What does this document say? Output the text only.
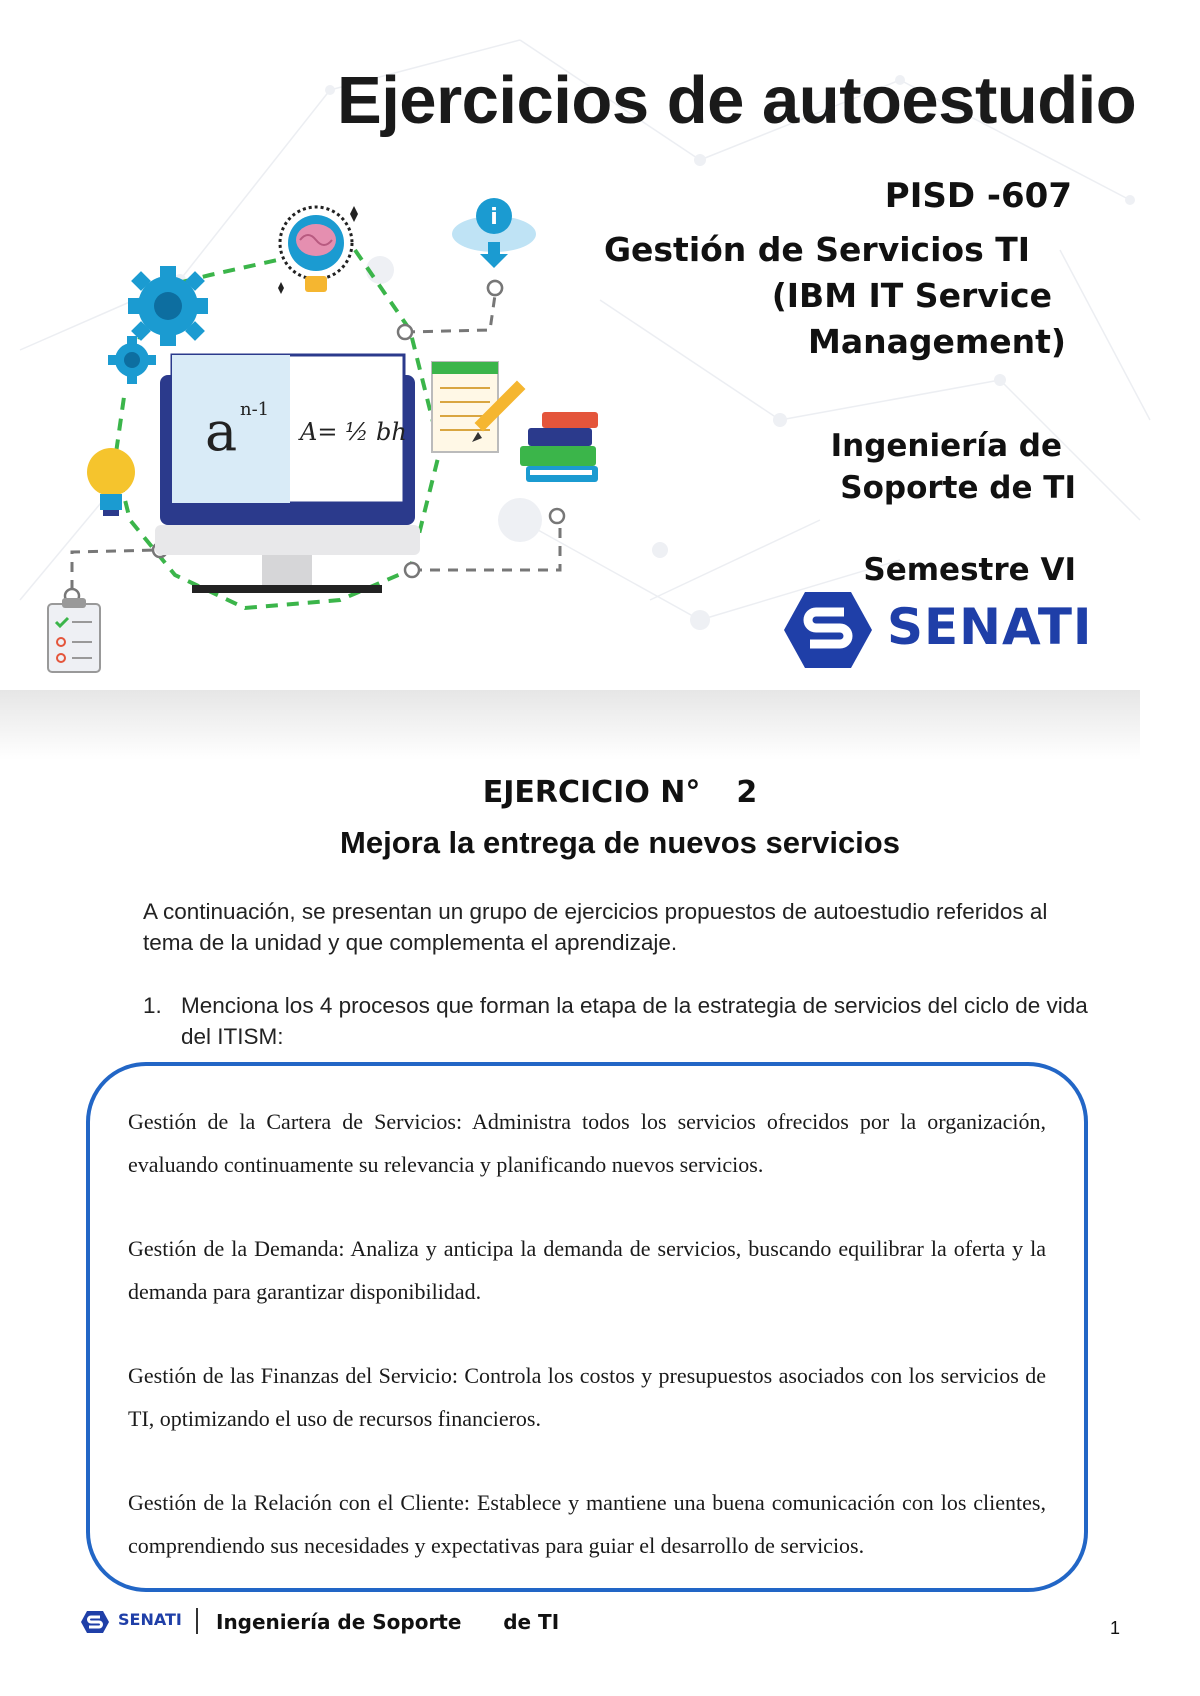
i
a n-1
A= ½ bh
Ejercicios de autoestudio
PISD -607
Gestión de Servicios TI
(IBM IT Service
Management)
Ingeniería de
Soporte de TI
Semestre VI
SENATI
EJERCICIO N° 2
Mejora la entrega de nuevos servicios
A continuación, se presentan un grupo de ejercicios propuestos de autoestudio referidos al tema de la unidad y que complementa el aprendizaje.
1. Menciona los 4 procesos que forman la etapa de la estrategia de servicios del ciclo de vida del ITISM:

Gestión de la Cartera de Servicios: Administra todos los servicios ofrecidos por la organización, evaluando continuamente su relevancia y planificando nuevos servicios.

Gestión de la Demanda: Analiza y anticipa la demanda de servicios, buscando equilibrar la oferta y la demanda para garantizar disponibilidad.

Gestión de las Finanzas del Servicio: Controla los costos y presupuestos asociados con los servicios de TI, optimizando el uso de recursos financieros.

Gestión de la Relación con el Cliente: Establece y mantiene una buena comunicación con los clientes, comprendiendo sus necesidades y expectativas para guiar el desarrollo de servicios.

SENATI Ingeniería de Soporte      de TI	1
